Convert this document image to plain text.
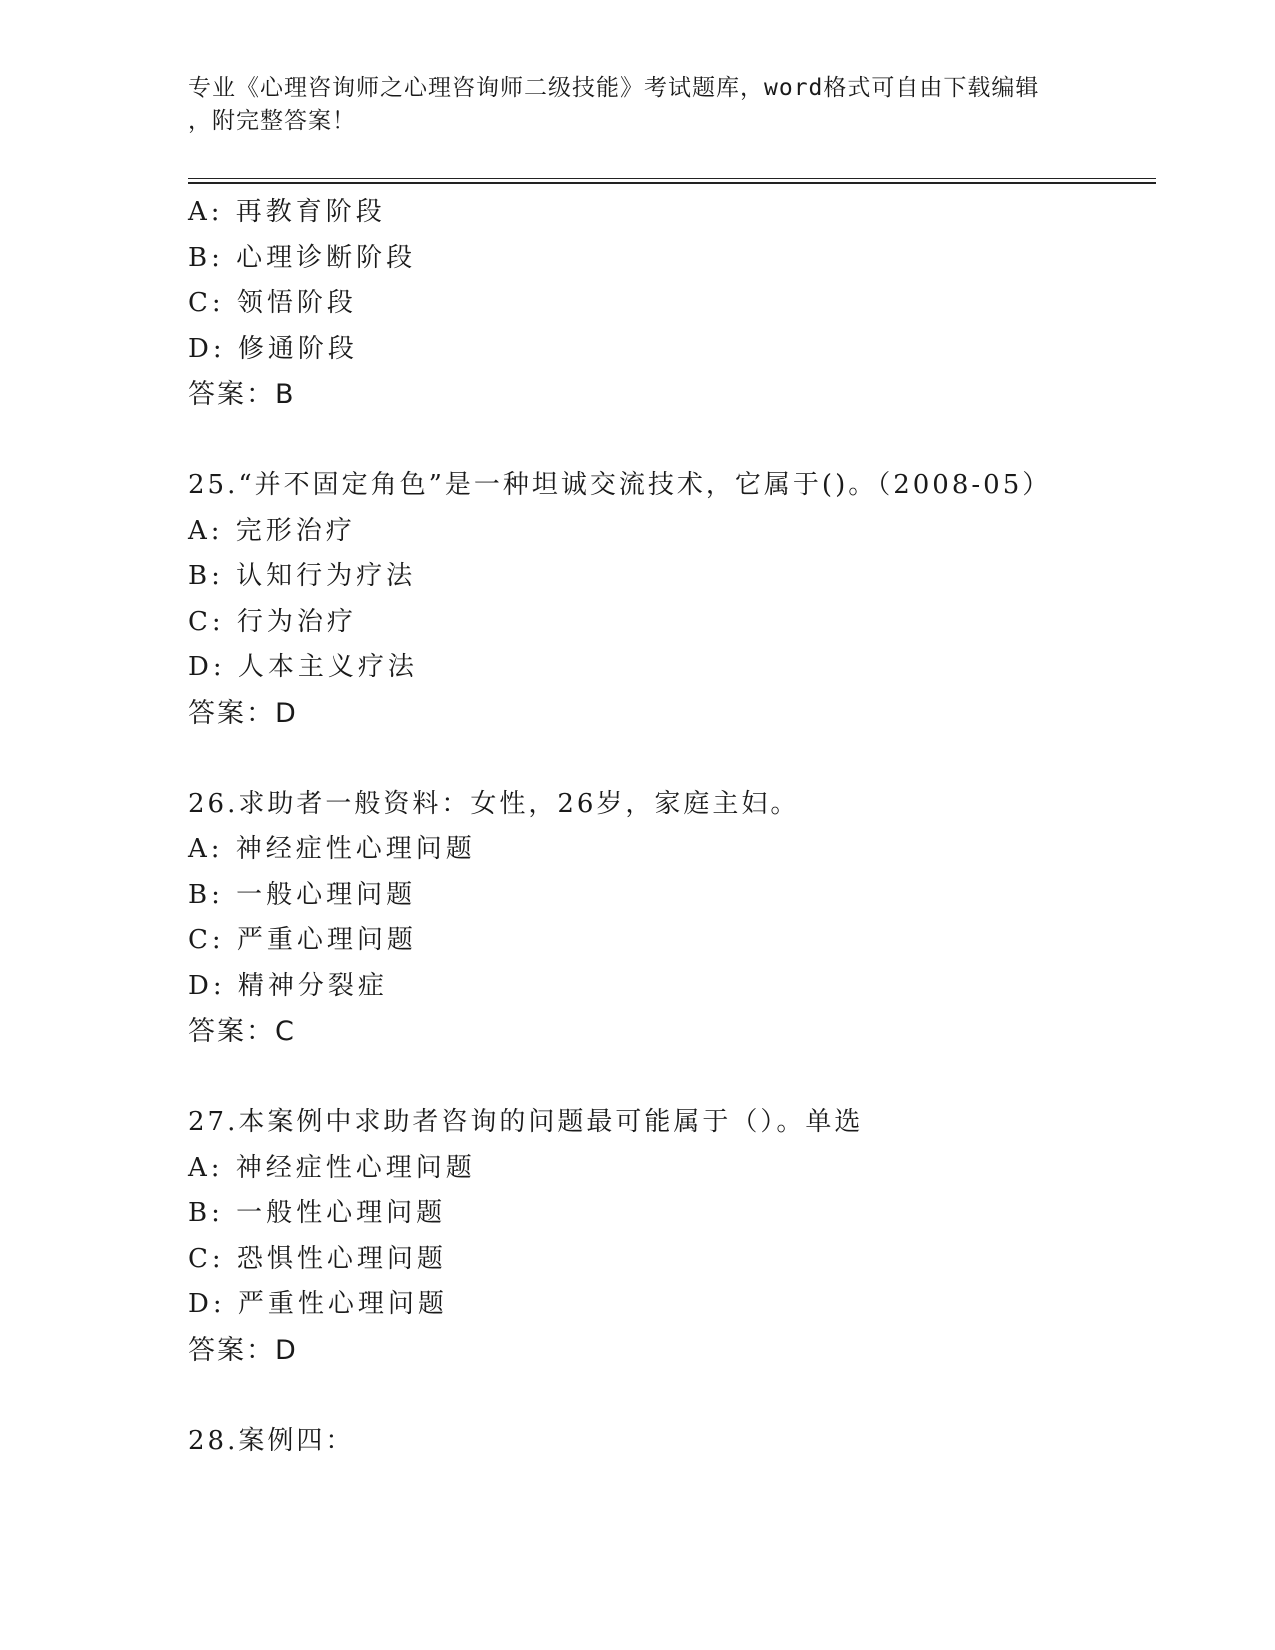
专业《心理咨询师之心理咨询师二级技能》考试题库，word格式可自由下载编辑
，附完整答案！
A: 再教育阶段
B: 心理诊断阶段
C: 领悟阶段
D: 修通阶段
答案：B
25.“并不固定角色”是一种坦诚交流技术，它属于()。（2008-05）
A: 完形治疗
B: 认知行为疗法
C: 行为治疗
D: 人本主义疗法
答案：D
26.求助者一般资料：女性，26岁，家庭主妇。
A: 神经症性心理问题
B: 一般心理问题
C: 严重心理问题
D: 精神分裂症
答案：C
27.本案例中求助者咨询的问题最可能属于（）。单选
A: 神经症性心理问题
B: 一般性心理问题
C: 恐惧性心理问题
D: 严重性心理问题
答案：D
28.案例四：
